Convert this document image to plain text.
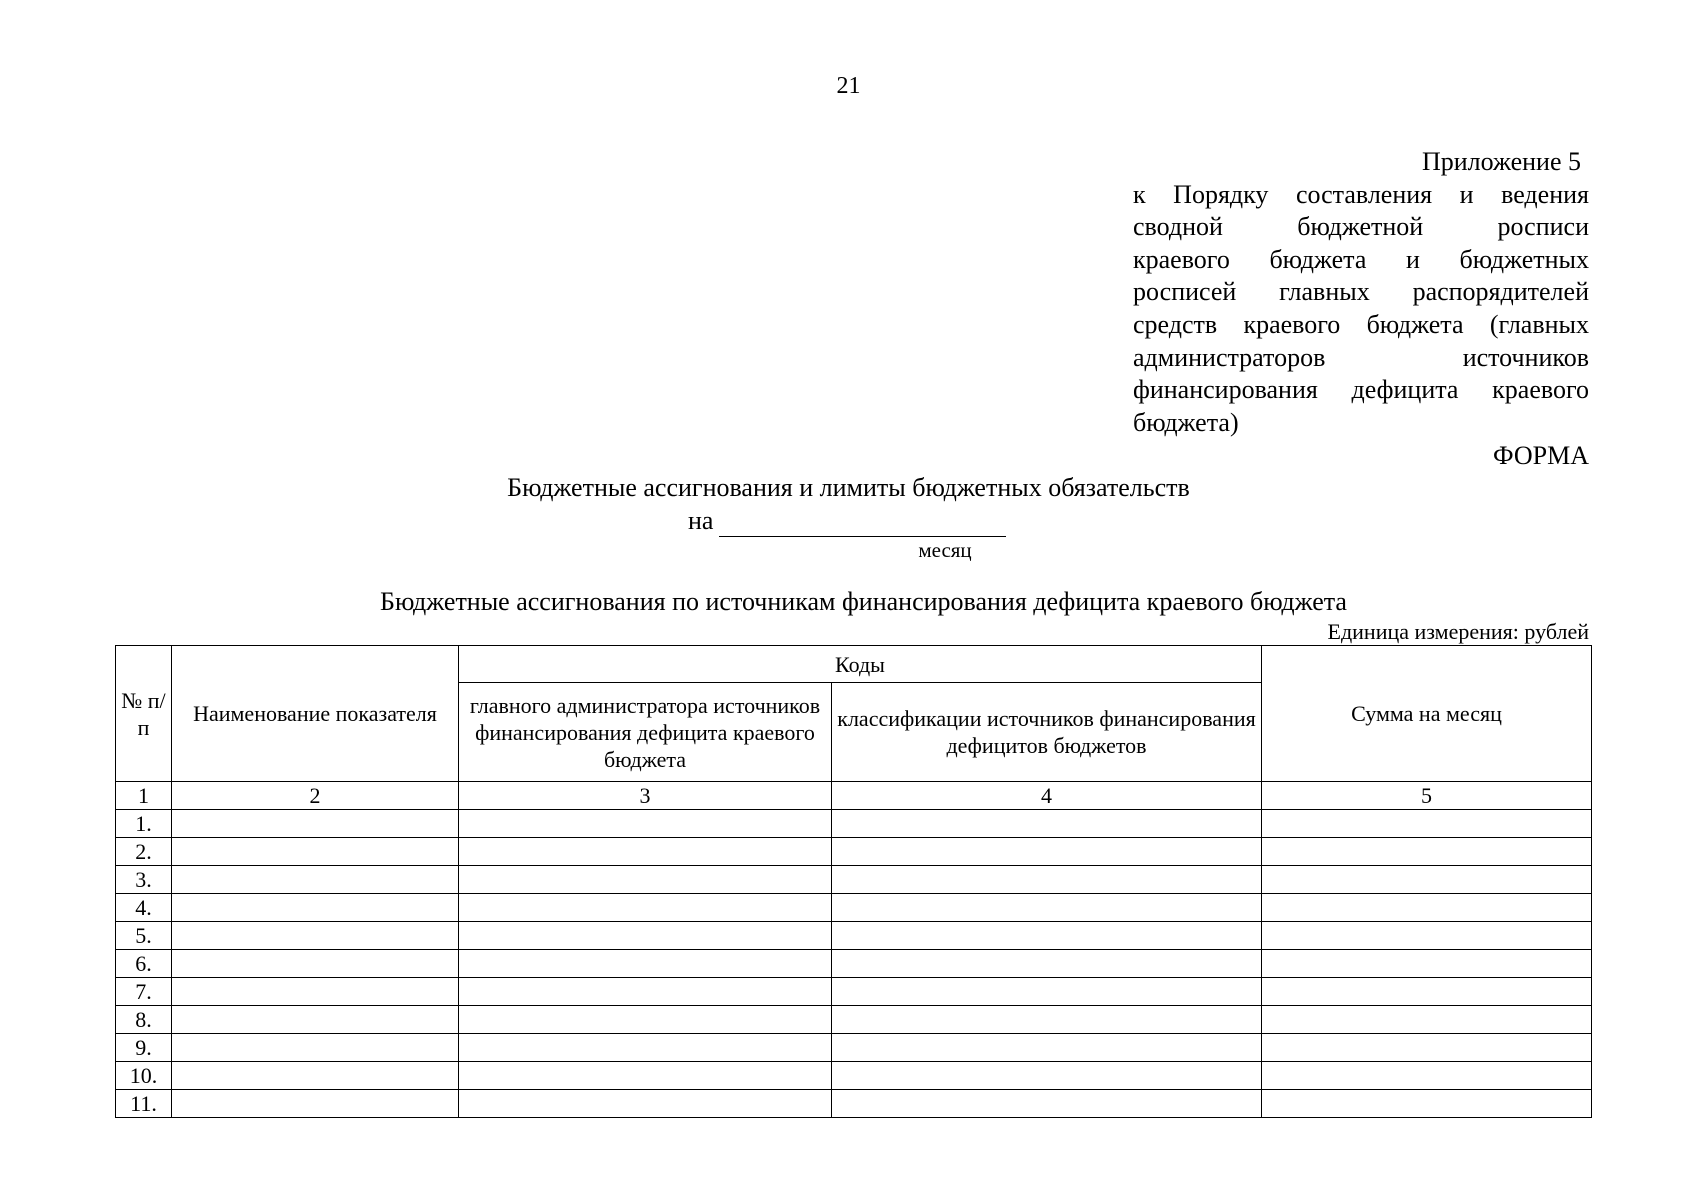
21
Приложение 5
к Порядку составления и ведения
сводной бюджетной росписи
краевого бюджета и бюджетных
росписей главных распорядителей
средств краевого бюджета (главных
администраторов источников
финансирования дефицита краевого
бюджета)
ФОРМА
Бюджетные ассигнования и лимиты бюджетных обязательств
на
месяц
Бюджетные ассигнования по источникам финансирования дефицита краевого бюджета
Единица измерения: рублей
№ п/п	Наименование показателя	Коды		Сумма на месяц
		главного администратора источников финансирования дефицита краевого бюджета	классификации источников финансирования дефицитов бюджетов	
1	2	3	4	5
1.				
2.				
3.				
4.				
5.				
6.				
7.				
8.				
9.				
10.				
11.				
